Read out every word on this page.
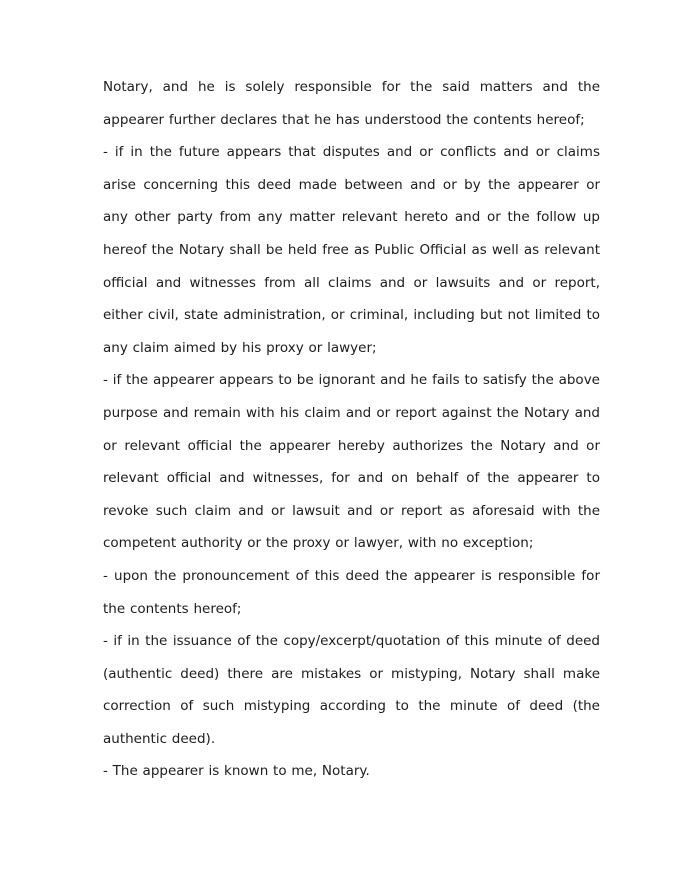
Notary, and he is solely responsible for the said matters and the appearer further declares that he has understood the contents hereof;

- if in the future appears that disputes and or conflicts and or claims arise concerning this deed made between and or by the appearer or any other party from any matter relevant hereto and or the follow up hereof the Notary shall be held free as Public Official as well as relevant official and witnesses from all claims and or lawsuits and or report, either civil, state administration, or criminal, including but not limited to any claim aimed by his proxy or lawyer;

- if the appearer appears to be ignorant and he fails to satisfy the above purpose and remain with his claim and or report against the Notary and or relevant official the appearer hereby authorizes the Notary and or relevant official and witnesses, for and on behalf of the appearer to revoke such claim and or lawsuit and or report as aforesaid with the competent authority or the proxy or lawyer, with no exception;

- upon the pronouncement of this deed the appearer is responsible for the contents hereof;

- if in the issuance of the copy/excerpt/quotation of this minute of deed (authentic deed) there are mistakes or mistyping, Notary shall make correction of such mistyping according to the minute of deed (the authentic deed).

- The appearer is known to me, Notary.
